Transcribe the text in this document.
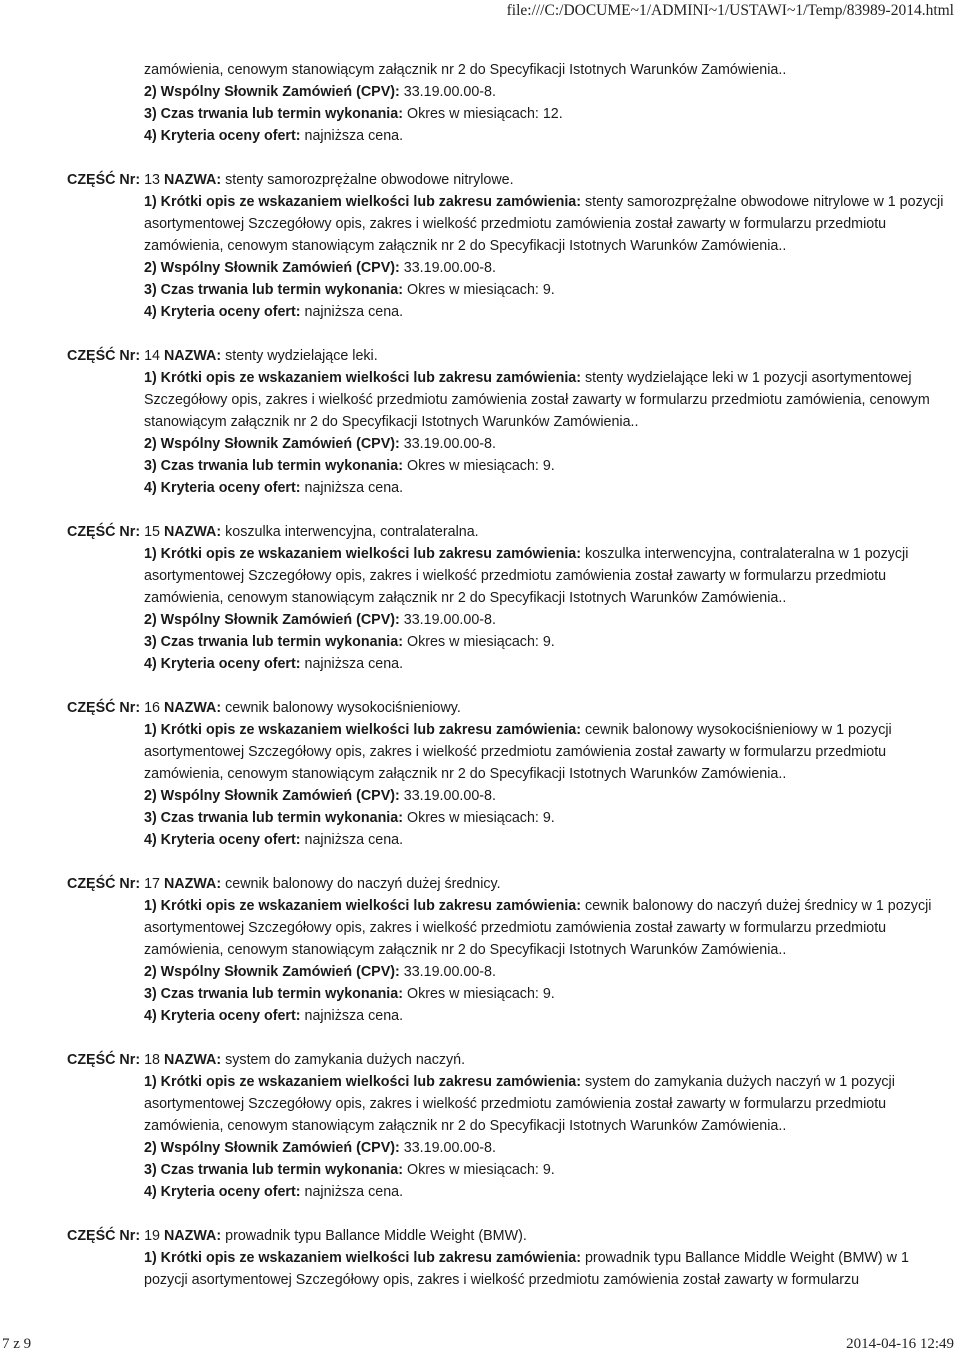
file:///C:/DOCUME~1/ADMINI~1/USTAWI~1/Temp/83989-2014.html
zamówienia, cenowym stanowiącym załącznik nr 2 do Specyfikacji Istotnych Warunków Zamówienia..
2) Wspólny Słownik Zamówień (CPV): 33.19.00.00-8.
3) Czas trwania lub termin wykonania: Okres w miesiącach: 12.
4) Kryteria oceny ofert: najniższa cena.
CZĘŚĆ Nr: 13 NAZWA: stenty samorozprężalne obwodowe nitrylowe.
1) Krótki opis ze wskazaniem wielkości lub zakresu zamówienia: stenty samorozprężalne obwodowe nitrylowe w 1 pozycji asortymentowej Szczegółowy opis, zakres i wielkość przedmiotu zamówienia został zawarty w formularzu przedmiotu zamówienia, cenowym stanowiącym załącznik nr 2 do Specyfikacji Istotnych Warunków Zamówienia..
2) Wspólny Słownik Zamówień (CPV): 33.19.00.00-8.
3) Czas trwania lub termin wykonania: Okres w miesiącach: 9.
4) Kryteria oceny ofert: najniższa cena.
CZĘŚĆ Nr: 14 NAZWA: stenty wydzielające leki.
1) Krótki opis ze wskazaniem wielkości lub zakresu zamówienia: stenty wydzielające leki w 1 pozycji asortymentowej Szczegółowy opis, zakres i wielkość przedmiotu zamówienia został zawarty w formularzu przedmiotu zamówienia, cenowym stanowiącym załącznik nr 2 do Specyfikacji Istotnych Warunków Zamówienia..
2) Wspólny Słownik Zamówień (CPV): 33.19.00.00-8.
3) Czas trwania lub termin wykonania: Okres w miesiącach: 9.
4) Kryteria oceny ofert: najniższa cena.
CZĘŚĆ Nr: 15 NAZWA: koszulka interwencyjna, contralateralna.
1) Krótki opis ze wskazaniem wielkości lub zakresu zamówienia: koszulka interwencyjna, contralateralna w 1 pozycji asortymentowej Szczegółowy opis, zakres i wielkość przedmiotu zamówienia został zawarty w formularzu przedmiotu zamówienia, cenowym stanowiącym załącznik nr 2 do Specyfikacji Istotnych Warunków Zamówienia..
2) Wspólny Słownik Zamówień (CPV): 33.19.00.00-8.
3) Czas trwania lub termin wykonania: Okres w miesiącach: 9.
4) Kryteria oceny ofert: najniższa cena.
CZĘŚĆ Nr: 16 NAZWA: cewnik balonowy wysokociśnieniowy.
1) Krótki opis ze wskazaniem wielkości lub zakresu zamówienia: cewnik balonowy wysokociśnieniowy w 1 pozycji asortymentowej Szczegółowy opis, zakres i wielkość przedmiotu zamówienia został zawarty w formularzu przedmiotu zamówienia, cenowym stanowiącym załącznik nr 2 do Specyfikacji Istotnych Warunków Zamówienia..
2) Wspólny Słownik Zamówień (CPV): 33.19.00.00-8.
3) Czas trwania lub termin wykonania: Okres w miesiącach: 9.
4) Kryteria oceny ofert: najniższa cena.
CZĘŚĆ Nr: 17 NAZWA: cewnik balonowy do naczyń dużej średnicy.
1) Krótki opis ze wskazaniem wielkości lub zakresu zamówienia: cewnik balonowy do naczyń dużej średnicy w 1 pozycji asortymentowej Szczegółowy opis, zakres i wielkość przedmiotu zamówienia został zawarty w formularzu przedmiotu zamówienia, cenowym stanowiącym załącznik nr 2 do Specyfikacji Istotnych Warunków Zamówienia..
2) Wspólny Słownik Zamówień (CPV): 33.19.00.00-8.
3) Czas trwania lub termin wykonania: Okres w miesiącach: 9.
4) Kryteria oceny ofert: najniższa cena.
CZĘŚĆ Nr: 18 NAZWA: system do zamykania dużych naczyń.
1) Krótki opis ze wskazaniem wielkości lub zakresu zamówienia: system do zamykania dużych naczyń w 1 pozycji asortymentowej Szczegółowy opis, zakres i wielkość przedmiotu zamówienia został zawarty w formularzu przedmiotu zamówienia, cenowym stanowiącym załącznik nr 2 do Specyfikacji Istotnych Warunków Zamówienia..
2) Wspólny Słownik Zamówień (CPV): 33.19.00.00-8.
3) Czas trwania lub termin wykonania: Okres w miesiącach: 9.
4) Kryteria oceny ofert: najniższa cena.
CZĘŚĆ Nr: 19 NAZWA: prowadnik typu Ballance Middle Weight (BMW).
1) Krótki opis ze wskazaniem wielkości lub zakresu zamówienia: prowadnik typu Ballance Middle Weight (BMW) w 1 pozycji asortymentowej Szczegółowy opis, zakres i wielkość przedmiotu zamówienia został zawarty w formularzu
7 z 9	2014-04-16 12:49
